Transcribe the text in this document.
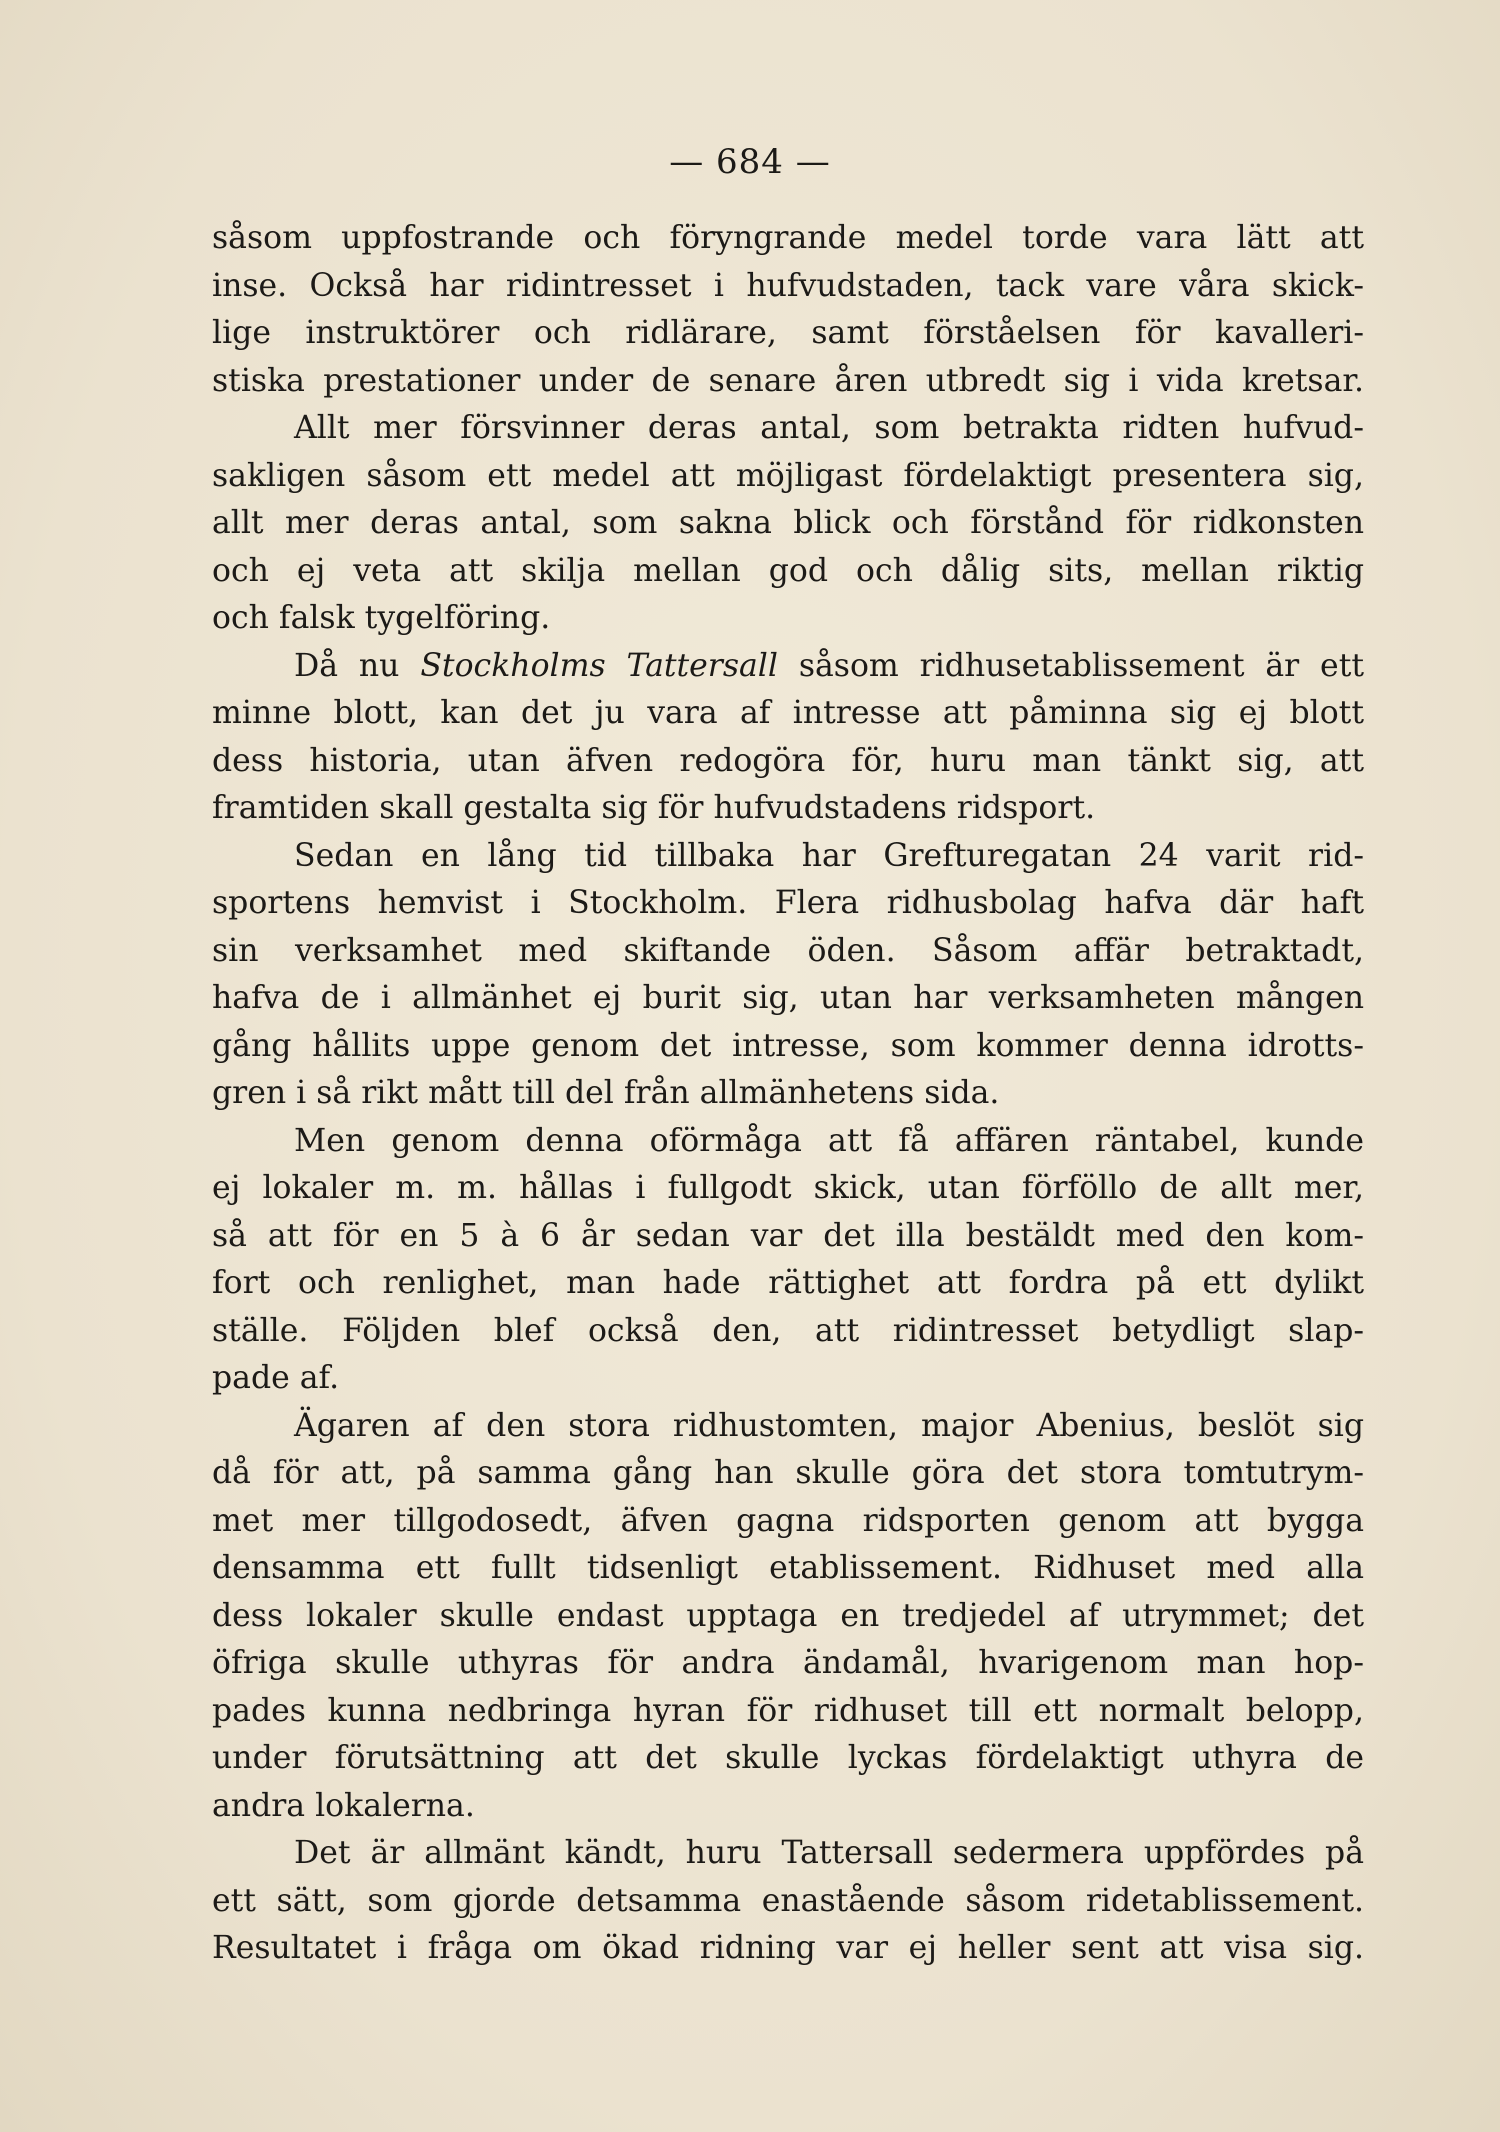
— 684 —
såsom uppfostrande och föryngrande medel torde vara lätt att
inse. Också har ridintresset i hufvudstaden, tack vare våra skick-
lige instruktörer och ridlärare, samt förståelsen för kavalleri-
stiska prestationer under de senare åren utbredt sig i vida kretsar.
Allt mer försvinner deras antal, som betrakta ridten hufvud-
sakligen såsom ett medel att möjligast fördelaktigt presentera sig,
allt mer deras antal, som sakna blick och förstånd för ridkonsten
och ej veta att skilja mellan god och dålig sits, mellan riktig
och falsk tygelföring.
Då nu Stockholms Tattersall såsom ridhusetablissement är ett
minne blott, kan det ju vara af intresse att påminna sig ej blott
dess historia, utan äfven redogöra för, huru man tänkt sig, att
framtiden skall gestalta sig för hufvudstadens ridsport.
Sedan en lång tid tillbaka har Grefturegatan 24 varit rid-
sportens hemvist i Stockholm. Flera ridhusbolag hafva där haft
sin verksamhet med skiftande öden. Såsom affär betraktadt,
hafva de i allmänhet ej burit sig, utan har verksamheten mången
gång hållits uppe genom det intresse, som kommer denna idrotts-
gren i så rikt mått till del från allmänhetens sida.
Men genom denna oförmåga att få affären räntabel, kunde
ej lokaler m. m. hållas i fullgodt skick, utan förföllo de allt mer,
så att för en 5 à 6 år sedan var det illa bestäldt med den kom-
fort och renlighet, man hade rättighet att fordra på ett dylikt
ställe. Följden blef också den, att ridintresset betydligt slap-
pade af.
Ägaren af den stora ridhustomten, major Abenius, beslöt sig
då för att, på samma gång han skulle göra det stora tomtutrym-
met mer tillgodosedt, äfven gagna ridsporten genom att bygga
densamma ett fullt tidsenligt etablissement. Ridhuset med alla
dess lokaler skulle endast upptaga en tredjedel af utrymmet; det
öfriga skulle uthyras för andra ändamål, hvarigenom man hop-
pades kunna nedbringa hyran för ridhuset till ett normalt belopp,
under förutsättning att det skulle lyckas fördelaktigt uthyra de
andra lokalerna.
Det är allmänt kändt, huru Tattersall sedermera uppfördes på
ett sätt, som gjorde detsamma enastående såsom ridetablissement.
Resultatet i fråga om ökad ridning var ej heller sent att visa sig.
